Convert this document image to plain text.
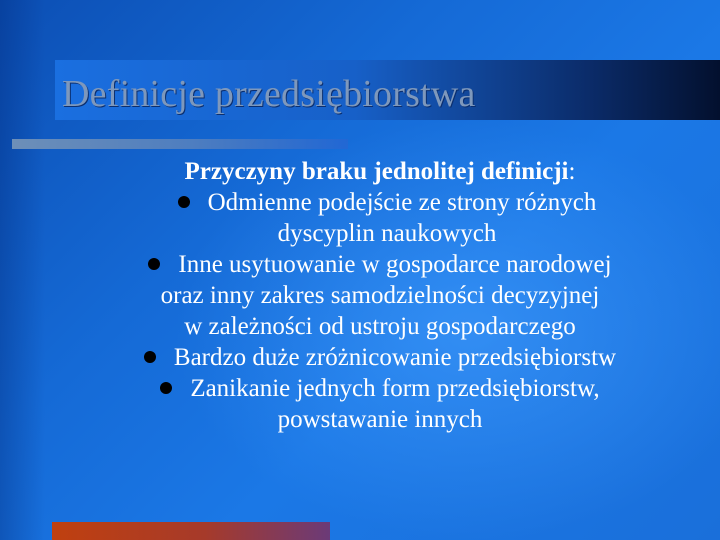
Definicje przedsiębiorstwa

Przyczyny braku jednolitej definicji:

Odmienne podejście ze strony różnych
dyscyplin naukowych

Inne usytuowanie w gospodarce narodowej
oraz inny zakres samodzielności decyzyjnej
w zależności od ustroju gospodarczego

Bardzo duże zróżnicowanie przedsiębiorstw

Zanikanie jednych form przedsiębiorstw,
powstawanie innych
